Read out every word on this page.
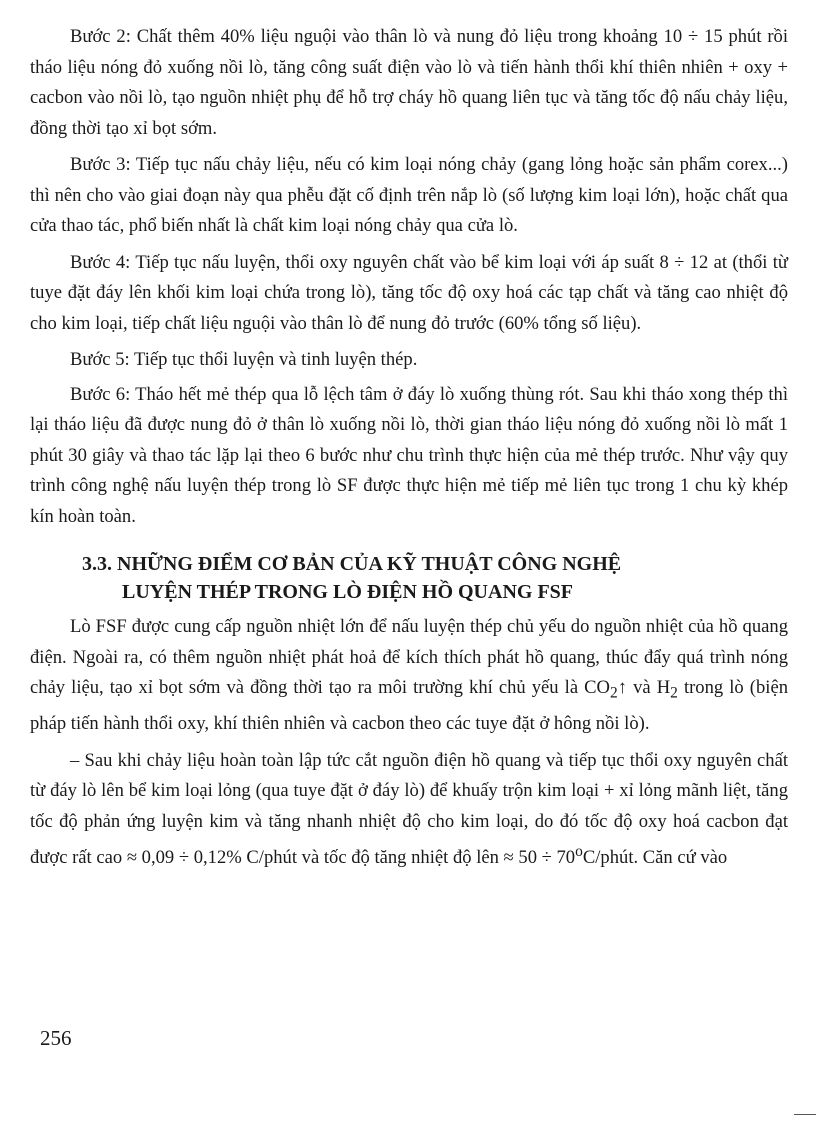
Bước 2: Chất thêm 40% liệu nguội vào thân lò và nung đỏ liệu trong khoảng 10 ÷ 15 phút rồi tháo liệu nóng đỏ xuống nồi lò, tăng công suất điện vào lò và tiến hành thổi khí thiên nhiên + oxy + cacbon vào nồi lò, tạo nguồn nhiệt phụ để hỗ trợ cháy hồ quang liên tục và tăng tốc độ nấu chảy liệu, đồng thời tạo xỉ bọt sớm.

Bước 3: Tiếp tục nấu chảy liệu, nếu có kim loại nóng chảy (gang lỏng hoặc sản phẩm corex...) thì nên cho vào giai đoạn này qua phễu đặt cố định trên nắp lò (số lượng kim loại lớn), hoặc chất qua cửa thao tác, phổ biến nhất là chất kim loại nóng chảy qua cửa lò.

Bước 4: Tiếp tục nấu luyện, thổi oxy nguyên chất vào bể kim loại với áp suất 8 ÷ 12 at (thổi từ tuye đặt đáy lên khối kim loại chứa trong lò), tăng tốc độ oxy hoá các tạp chất và tăng cao nhiệt độ cho kim loại, tiếp chất liệu nguội vào thân lò để nung đỏ trước (60% tổng số liệu).

Bước 5: Tiếp tục thổi luyện và tinh luyện thép.

Bước 6: Tháo hết mẻ thép qua lỗ lệch tâm ở đáy lò xuống thùng rót. Sau khi tháo xong thép thì lại tháo liệu đã được nung đỏ ở thân lò xuống nồi lò, thời gian tháo liệu nóng đỏ xuống nồi lò mất 1 phút 30 giây và thao tác lặp lại theo 6 bước như chu trình thực hiện của mẻ thép trước. Như vậy quy trình công nghệ nấu luyện thép trong lò SF được thực hiện mẻ tiếp mẻ liên tục trong 1 chu kỳ khép kín hoàn toàn.

3.3. NHỮNG ĐIỂM CƠ BẢN CỦA KỸ THUẬT CÔNG NGHỆ
LUYỆN THÉP TRONG LÒ ĐIỆN HỒ QUANG FSF

Lò FSF được cung cấp nguồn nhiệt lớn để nấu luyện thép chủ yếu do nguồn nhiệt của hồ quang điện. Ngoài ra, có thêm nguồn nhiệt phát hoả để kích thích phát hồ quang, thúc đẩy quá trình nóng chảy liệu, tạo xỉ bọt sớm và đồng thời tạo ra môi trường khí chủ yếu là $CO_2↑$ và $H_2$ trong lò (biện pháp tiến hành thổi oxy, khí thiên nhiên và cacbon theo các tuye đặt ở hông nồi lò).

– Sau khi chảy liệu hoàn toàn lập tức cắt nguồn điện hồ quang và tiếp tục thổi oxy nguyên chất từ đáy lò lên bể kim loại lỏng (qua tuye đặt ở đáy lò) để khuấy trộn kim loại + xỉ lỏng mãnh liệt, tăng tốc độ phản ứng luyện kim và tăng nhanh nhiệt độ cho kim loại, do đó tốc độ oxy hoá cacbon đạt được rất cao ≈ 0,09 ÷ 0,12% C/phút và tốc độ tăng nhiệt độ lên ≈ $50 \div 70^oC$/phút. Căn cứ vào

256
